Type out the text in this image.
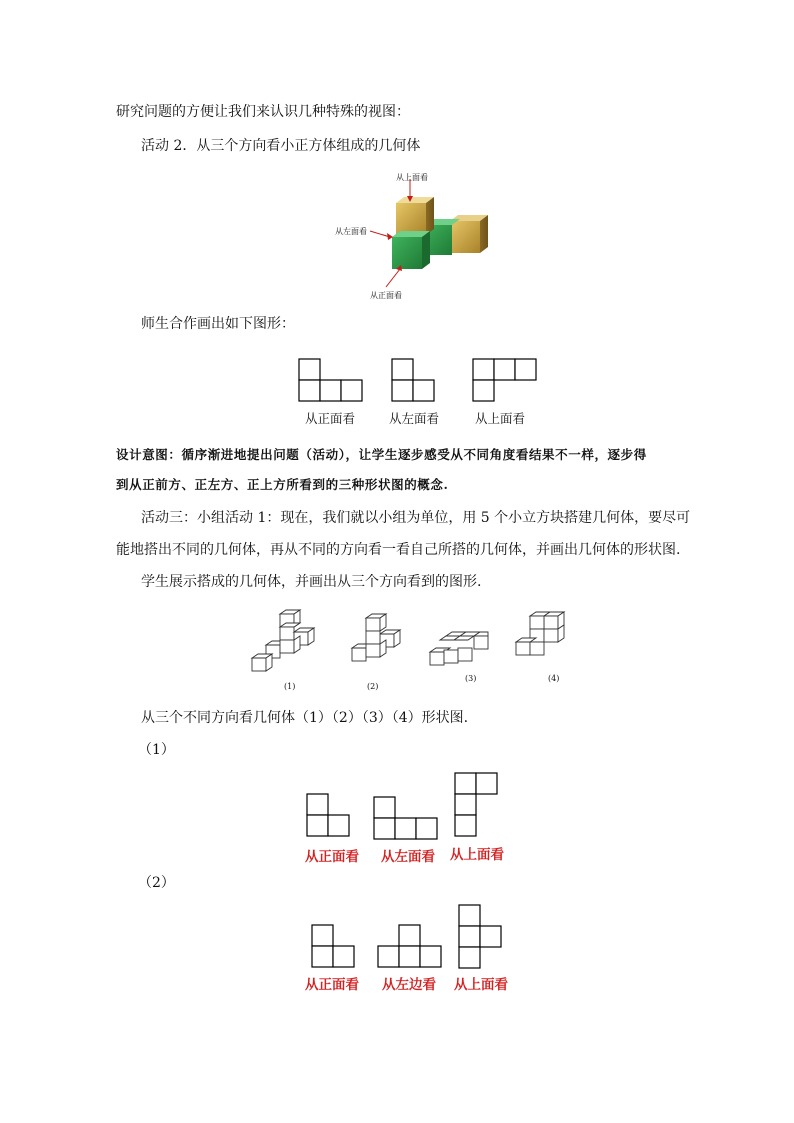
研究问题的方便让我们来认识几种特殊的视图：
活动 2．从三个方向看小正方体组成的几何体
从上面看
从左面看
从正面看
师生合作画出如下图形：
从正面看	从左面看	从上面看
设计意图：循序渐进地提出问题（活动），让学生逐步感受从不同角度看结果不一样，逐步得
到从正前方、正左方、正上方所看到的三种形状图的概念.
活动三：小组活动 1：现在，我们就以小组为单位，用 5 个小立方块搭建几何体，要尽可
能地搭出不同的几何体，再从不同的方向看一看自己所搭的几何体，并画出几何体的形状图.
学生展示搭成的几何体，并画出从三个方向看到的图形.
(1)	(2)
(3)	(4)
从三个不同方向看几何体（1）（2）（3）（4）形状图.
（1）
从正面看	从左面看	从上面看
（2）
从正面看	从左边看	从上面看
